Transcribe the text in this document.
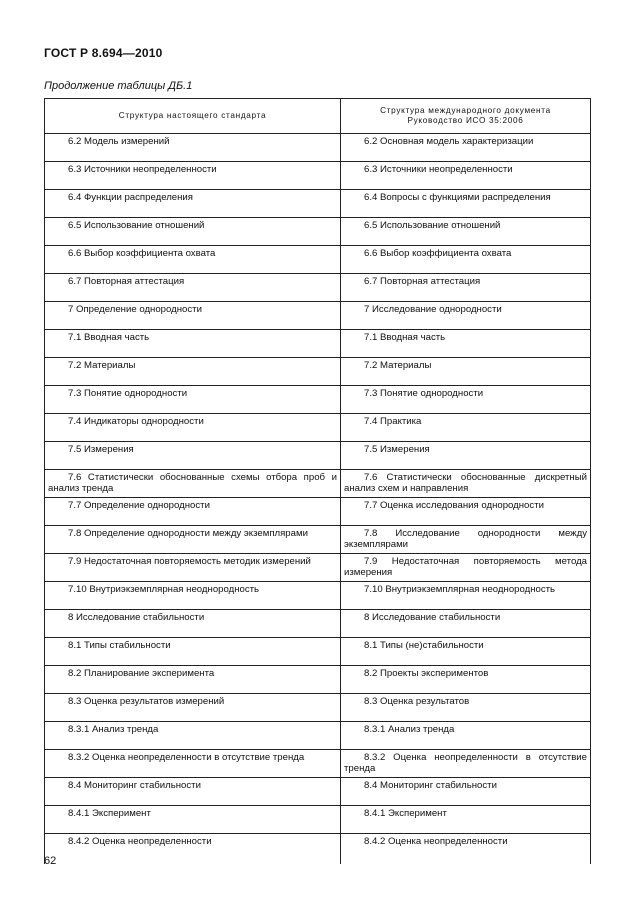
ГОСТ Р 8.694—2010
Продолжение таблицы ДБ.1
Структура настоящего стандарта	Структура международного документа
Руководство ИСО 35:2006

6.2 Модель измерений	6.2 Основная модель характеризации

6.3 Источники неопределенности	6.3 Источники неопределенности

6.4 Функции распределения	6.4 Вопросы с функциями распределения

6.5 Использование отношений	6.5 Использование отношений

6.6 Выбор коэффициента охвата	6.6 Выбор коэффициента охвата

6.7 Повторная аттестация	6.7 Повторная аттестация

7 Определение однородности	7 Исследование однородности

7.1 Вводная часть	7.1 Вводная часть

7.2 Материалы	7.2 Материалы

7.3 Понятие однородности	7.3 Понятие однородности

7.4 Индикаторы однородности	7.4 Практика

7.5 Измерения	7.5 Измерения

7.6 Статистически обоснованные схемы отбора проб и анализ тренда	7.6 Статистически обоснованные дискретный анализ схем и направления

7.7 Определение однородности	7.7 Оценка исследования однородности

7.8 Определение однородности между экземплярами	7.8 Исследование однородности между экземплярами

7.9 Недостаточная повторяемость методик измерений	7.9 Недостаточная повторяемость метода измерения

7.10 Внутриэкземплярная неоднородность	7.10 Внутриэкземплярная неоднородность

8 Исследование стабильности	8 Исследование стабильности

8.1 Типы стабильности	8.1 Типы (не)стабильности

8.2 Планирование эксперимента	8.2 Проекты экспериментов

8.3 Оценка результатов измерений	8.3 Оценка результатов

8.3.1 Анализ тренда	8.3.1 Анализ тренда

8.3.2 Оценка неопределенности в отсутствие тренда	8.3.2 Оценка неопределенности в отсутствие тренда

8.4 Мониторинг стабильности	8.4 Мониторинг стабильности

8.4.1 Эксперимент	8.4.1 Эксперимент

8.4.2 Оценка неопределенности	8.4.2 Оценка неопределенности
62
